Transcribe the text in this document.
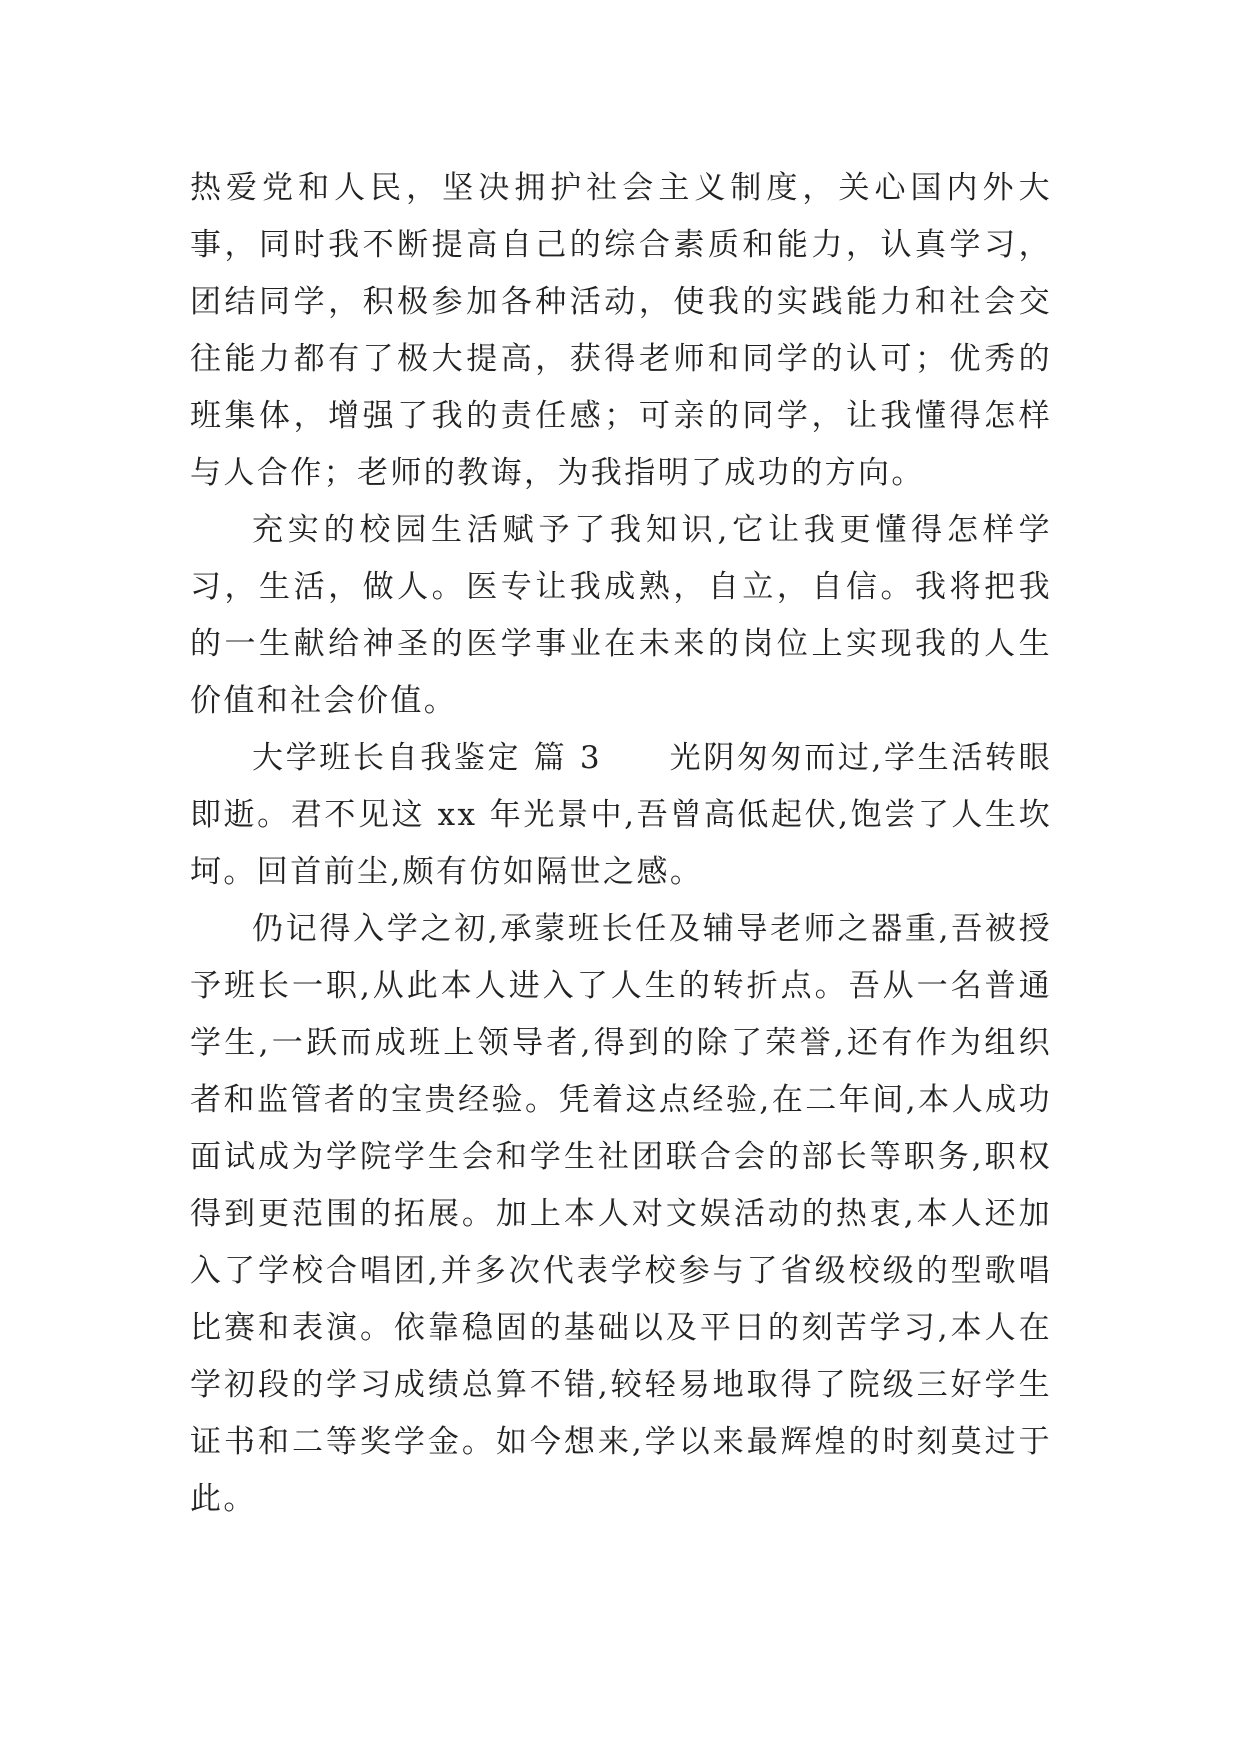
热爱党和人民，坚决拥护社会主义制度，关心国内外大事，同时我不断提高自己的综合素质和能力，认真学习，团结同学，积极参加各种活动，使我的实践能力和社会交往能力都有了极大提高，获得老师和同学的认可；优秀的班集体，增强了我的责任感；可亲的同学，让我懂得怎样与人合作；老师的教诲，为我指明了成功的方向。

充实的校园生活赋予了我知识,它让我更懂得怎样学习，生活，做人。医专让我成熟，自立，自信。我将把我的一生献给神圣的医学事业在未来的岗位上实现我的人生价值和社会价值。

大学班长自我鉴定 篇 3　　 光阴匆匆而过,学生活转眼即逝。君不见这 xx 年光景中,吾曾高低起伏,饱尝了人生坎坷。回首前尘,颇有仿如隔世之感。

仍记得入学之初,承蒙班长任及辅导老师之器重,吾被授予班长一职,从此本人进入了人生的转折点。吾从一名普通学生,一跃而成班上领导者,得到的除了荣誉,还有作为组织者和监管者的宝贵经验。凭着这点经验,在二年间,本人成功面试成为学院学生会和学生社团联合会的部长等职务,职权得到更范围的拓展。加上本人对文娱活动的热衷,本人还加入了学校合唱团,并多次代表学校参与了省级校级的型歌唱比赛和表演。依靠稳固的基础以及平日的刻苦学习,本人在学初段的学习成绩总算不错,较轻易地取得了院级三好学生证书和二等奖学金。如今想来,学以来最辉煌的时刻莫过于此。
